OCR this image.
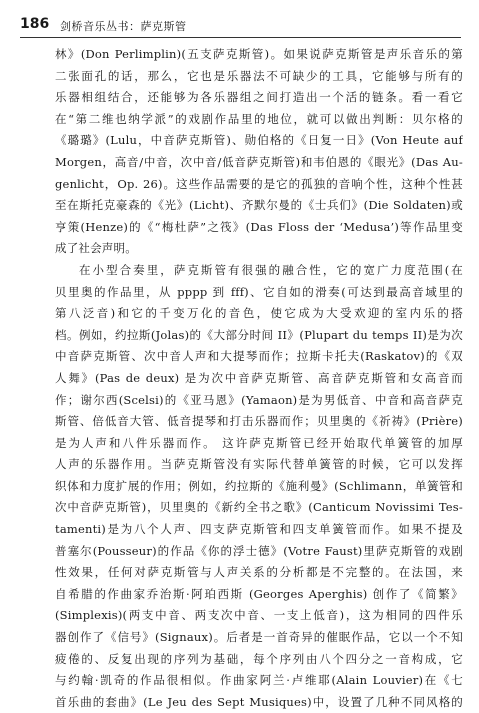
186 剑桥音乐丛书：萨克斯管
林》(Don Perlimplin)(五支萨克斯管)。如果说萨克斯管是声乐音乐的第
二张面孔的话，那么，它也是乐器法不可缺少的工具，它能够与所有的
乐器相组结合，还能够为各乐器组之间打造出一个活的链条。看一看它
在“第二维也纳学派”的戏剧作品里的地位，就可以做出判断：贝尔格的
《璐璐》(Lulu，中音萨克斯管)、勋伯格的《日复一日》(Von Heute auf
Morgen，高音/中音，次中音/低音萨克斯管)和韦伯恩的《眼光》(Das Au-
genlicht，Op. 26)。这些作品需要的是它的孤独的音响个性，这种个性甚
至在斯托克豪森的《光》(Licht)、齐默尔曼的《士兵们》(Die Soldaten)或
亨策(Henze)的《“梅杜萨”之筏》(Das Floss der ‘Medusa’)等作品里变
成了社会声明。
在小型合奏里，萨克斯管有很强的融合性，它的宽广力度范围(在
贝里奥的作品里，从 pppp 到 fff)、它自如的滑奏(可达到最高音域里的
第八泛音)和它的千变万化的音色，使它成为大受欢迎的室内乐的搭
档。例如，约拉斯(Jolas)的《大部分时间 II》(Plupart du temps II)是为次
中音萨克斯管、次中音人声和大提琴而作；拉斯卡托夫(Raskatov)的《双
人舞》(Pas de deux) 是为次中音萨克斯管、高音萨克斯管和女高音而
作；谢尔西(Scelsi)的《亚马恩》(Yamaon)是为男低音、中音和高音萨克
斯管、倍低音大管、低音提琴和打击乐器而作；贝里奥的《祈祷》(Prière)
是为人声和八件乐器而作。 这许萨克斯管已经开始取代单簧管的加厚
人声的乐器作用。当萨克斯管没有实际代替单簧管的时候，它可以发挥
织体和力度扩展的作用；例如，约拉斯的《施利曼》(Schlimann，单簧管和
次中音萨克斯管)，贝里奥的《新约全书之歌》(Canticum Novissimi Tes-
tamenti)是为八个人声、四支萨克斯管和四支单簧管而作。如果不提及
普塞尔(Pousseur)的作品《你的浮士德》(Votre Faust)里萨克斯管的戏剧
性效果，任何对萨克斯管与人声关系的分析都是不完整的。在法国，来
自希腊的作曲家乔治斯·阿珀西斯 (Georges Aperghis) 创作了《简繁》
(Simplexis)(两支中音、两支次中音、一支上低音)，这为相同的四件乐
器创作了《信号》(Signaux)。后者是一首奇异的催眠作品，它以一个不知
疲倦的、反复出现的序列为基础，每个序列由八个四分之一音构成，它
与约翰·凯奇的作品很相似。作曲家阿兰·卢维耶(Alain Louvier)在《七
首乐曲的套曲》(Le Jeu des Sept Musiques)中，设置了几种不同风格的
